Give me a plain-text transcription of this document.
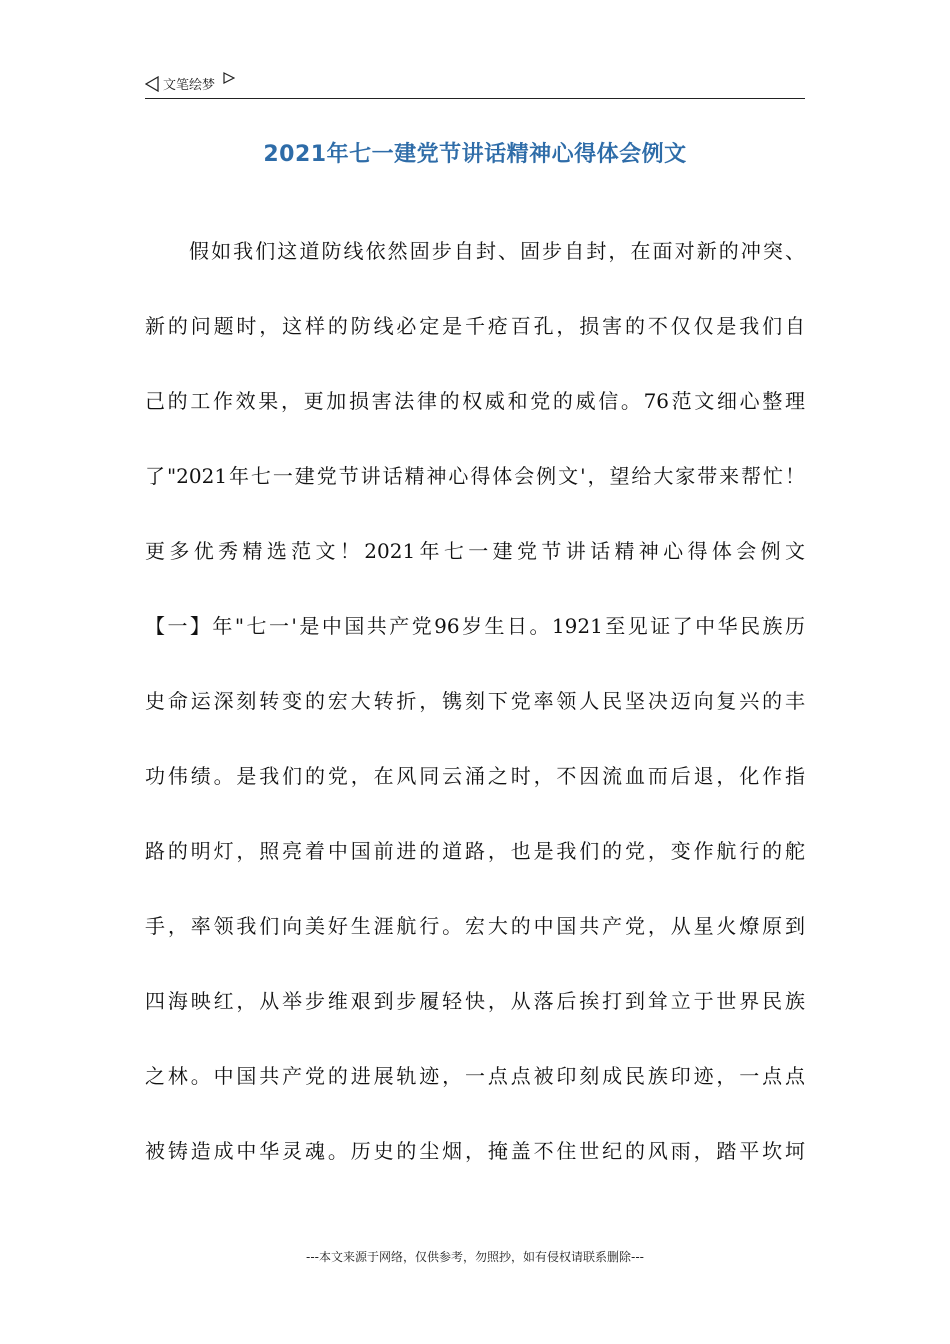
文笔绘梦
2021年七一建党节讲话精神心得体会例文
假如我们这道防线依然固步自封、固步自封，在面对新的冲突、
新的问题时，这样的防线必定是千疮百孔，损害的不仅仅是我们自
己的工作效果，更加损害法律的权威和党的威信。76范文细心整理
了"2021年七一建党节讲话精神心得体会例文'，望给大家带来帮忙！
更多优秀精选范文！2021年七一建党节讲话精神心得体会例文
【一】年"七一'是中国共产党96岁生日。1921至见证了中华民族历
史命运深刻转变的宏大转折，镌刻下党率领人民坚决迈向复兴的丰
功伟绩。是我们的党，在风同云涌之时，不因流血而后退，化作指
路的明灯，照亮着中国前进的道路，也是我们的党，变作航行的舵
手，率领我们向美好生涯航行。宏大的中国共产党，从星火燎原到
四海映红，从举步维艰到步履轻快，从落后挨打到耸立于世界民族
之林。中国共产党的进展轨迹，一点点被印刻成民族印迹，一点点
被铸造成中华灵魂。历史的尘烟，掩盖不住世纪的风雨，踏平坎坷
---本文来源于网络，仅供参考，勿照抄，如有侵权请联系删除---
